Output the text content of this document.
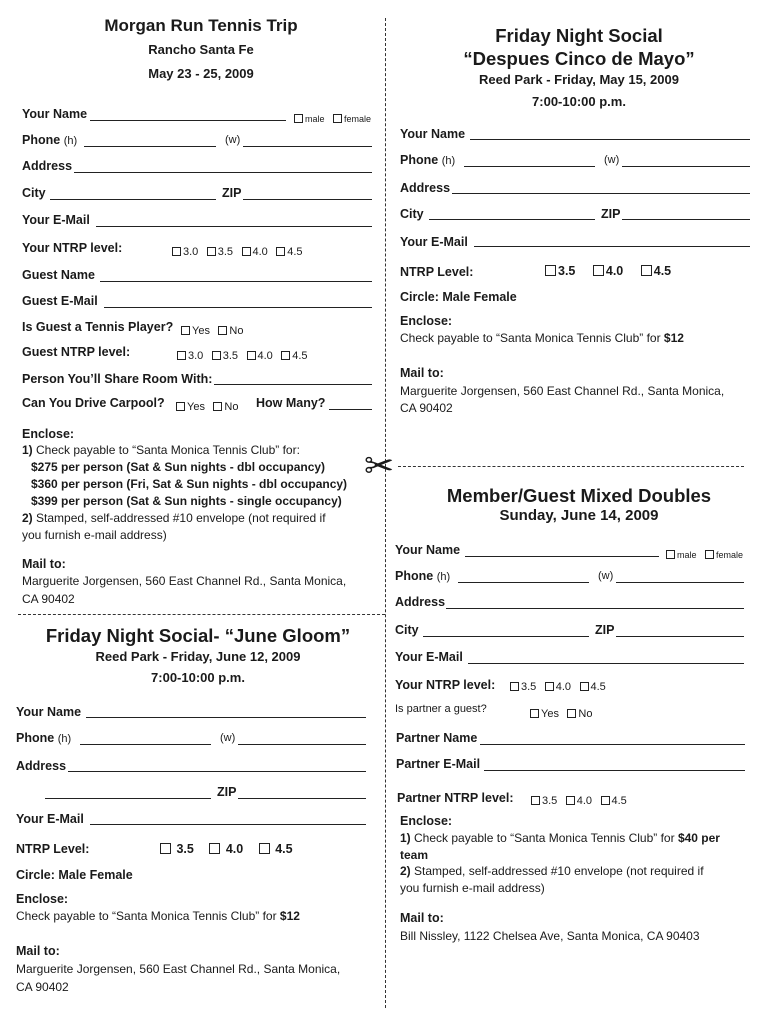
✂
Morgan Run Tennis Trip
Rancho Santa Fe
May 23 - 25, 2009
Your Name	male female
Phone (h)	(w)
Address
City	ZIP
Your E-Mail
Your NTRP level:	3.0 3.5 4.0 4.5
Guest Name
Guest E-Mail
Is Guest a Tennis Player?	Yes No
Guest NTRP level:	3.0 3.5 4.0 4.5
Person You’ll Share Room With:
Can You Drive Carpool?	Yes No	How Many?
Enclose:
1) Check payable to “Santa Monica Tennis Club” for:
$275 per person (Sat & Sun nights - dbl occupancy)
$360 per person (Fri, Sat & Sun nights - dbl occupancy)
$399 per person (Sat & Sun nights - single occupancy)
2) Stamped, self-addressed #10 envelope (not required if
you furnish e-mail address)
Mail to:
Marguerite Jorgensen, 560 East Channel Rd., Santa Monica,
CA 90402
Friday Night Social- “June Gloom”
Reed Park - Friday, June 12, 2009
7:00-10:00 p.m.
Your Name
Phone (h)	(w)
Address
ZIP
Your E-Mail
NTRP Level:	3.5	4.0	4.5
Circle: Male Female
Enclose:
Check payable to “Santa Monica Tennis Club” for $12
Mail to:
Marguerite Jorgensen, 560 East Channel Rd., Santa Monica,
CA 90402
Friday Night Social
“Despues Cinco de Mayo”
Reed Park - Friday, May 15, 2009
7:00-10:00 p.m.
Your Name
Phone (h)	(w)
Address
City	ZIP
Your E-Mail
NTRP Level:	3.5 4.0 4.5
Circle: Male Female
Enclose:
Check payable to “Santa Monica Tennis Club” for $12
Mail to:
Marguerite Jorgensen, 560 East Channel Rd., Santa Monica,
CA 90402
Member/Guest Mixed Doubles
Sunday, June 14, 2009
Your Name	male female
Phone (h)	(w)
Address
City	ZIP
Your E-Mail
Your NTRP level:	3.5 4.0 4.5
Is partner a guest?	Yes No
Partner Name
Partner E-Mail
Partner NTRP level:	3.5 4.0 4.5
Enclose:
1) Check payable to “Santa Monica Tennis Club” for $40 per
team
2) Stamped, self-addressed #10 envelope (not required if
you furnish e-mail address)
Mail to:
Bill Nissley, 1122 Chelsea Ave, Santa Monica, CA 90403
